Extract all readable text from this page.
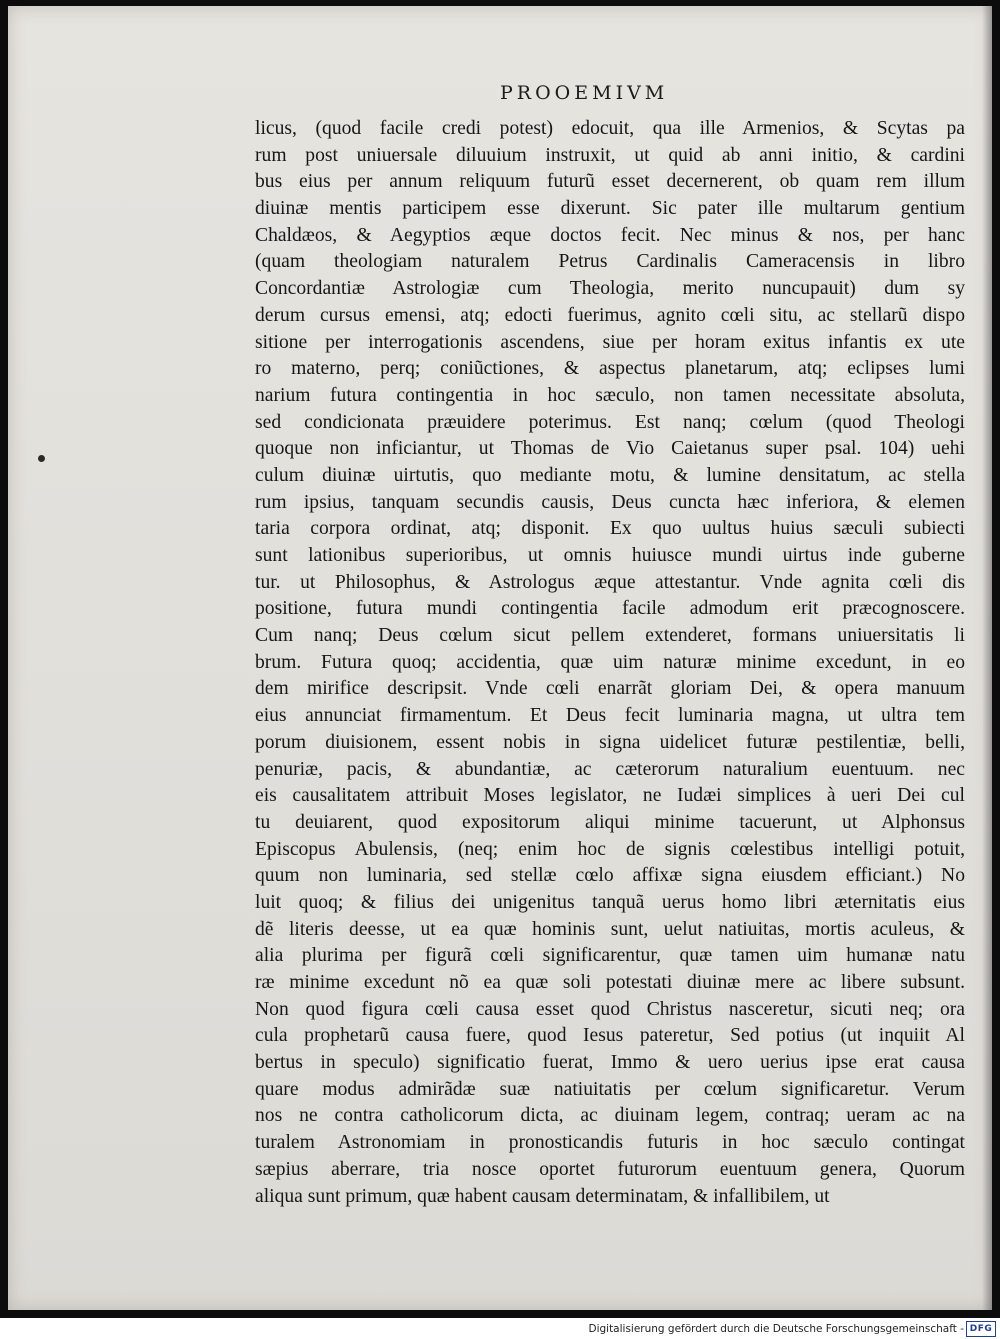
PROOEMIVM
licus, (quod facile credi potest) edocuit, qua ille Armenios, & Scytas pa
rum post uniuersale diluuium instruxit, ut quid ab anni initio, & cardini
bus eius per annum reliquum futurũ esset decernerent, ob quam rem illum
diuinæ mentis participem esse dixerunt. Sic pater ille multarum gentium
Chaldæos, & Aegyptios æque doctos fecit. Nec minus & nos, per hanc
(quam theologiam naturalem Petrus Cardinalis Cameracensis in libro
Concordantiæ Astrologiæ cum Theologia, merito nuncupauit) dum sy
derum cursus emensi, atq; edocti fuerimus, agnito cœli situ, ac stellarũ dispo
sitione per interrogationis ascendens, siue per horam exitus infantis ex ute
ro materno, perq; coniũctiones, & aspectus planetarum, atq; eclipses lumi
narium futura contingentia in hoc sæculo, non tamen necessitate absoluta,
sed condicionata præuidere poterimus. Est nanq; cœlum (quod Theologi
quoque non inficiantur, ut Thomas de Vio Caietanus super psal. 104) uehi
culum diuinæ uirtutis, quo mediante motu, & lumine densitatum, ac stella
rum ipsius, tanquam secundis causis, Deus cuncta hæc inferiora, & elemen
taria corpora ordinat, atq; disponit. Ex quo uultus huius sæculi subiecti
sunt lationibus superioribus, ut omnis huiusce mundi uirtus inde guberne
tur. ut Philosophus, & Astrologus æque attestantur. Vnde agnita cœli dis
positione, futura mundi contingentia facile admodum erit præcognoscere.
Cum nanq; Deus cœlum sicut pellem extenderet, formans uniuersitatis li
brum. Futura quoq; accidentia, quæ uim naturæ minime excedunt, in eo
dem mirifice descripsit. Vnde cœli enarrãt gloriam Dei, & opera manuum
eius annunciat firmamentum. Et Deus fecit luminaria magna, ut ultra tem
porum diuisionem, essent nobis in signa uidelicet futuræ pestilentiæ, belli,
penuriæ, pacis, & abundantiæ, ac cæterorum naturalium euentuum. nec
eis causalitatem attribuit Moses legislator, ne Iudæi simplices à ueri Dei cul
tu deuiarent, quod expositorum aliqui minime tacuerunt, ut Alphonsus
Episcopus Abulensis, (neq; enim hoc de signis cœlestibus intelligi potuit,
quum non luminaria, sed stellæ cœlo affixæ signa eiusdem efficiant.) No
luit quoq; & filius dei unigenitus tanquã uerus homo libri æternitatis eius
dẽ literis deesse, ut ea quæ hominis sunt, uelut natiuitas, mortis aculeus, &
alia plurima per figurã cœli significarentur, quæ tamen uim humanæ natu
ræ minime excedunt nõ ea quæ soli potestati diuinæ mere ac libere subsunt.
Non quod figura cœli causa esset quod Christus nasceretur, sicuti neq; ora
cula prophetarũ causa fuere, quod Iesus pateretur, Sed potius (ut inquiit Al
bertus in speculo) significatio fuerat, Immo & uero uerius ipse erat causa
quare modus admirãdæ suæ natiuitatis per cœlum significaretur. Verum
nos ne contra catholicorum dicta, ac diuinam legem, contraq; ueram ac na
turalem Astronomiam in pronosticandis futuris in hoc sæculo contingat
sæpius aberrare, tria nosce oportet futurorum euentuum genera, Quorum
aliqua sunt primum, quæ habent causam determinatam, & infallibilem, ut
Digitalisierung gefördert durch die Deutsche Forschungsgemeinschaft - DFG
